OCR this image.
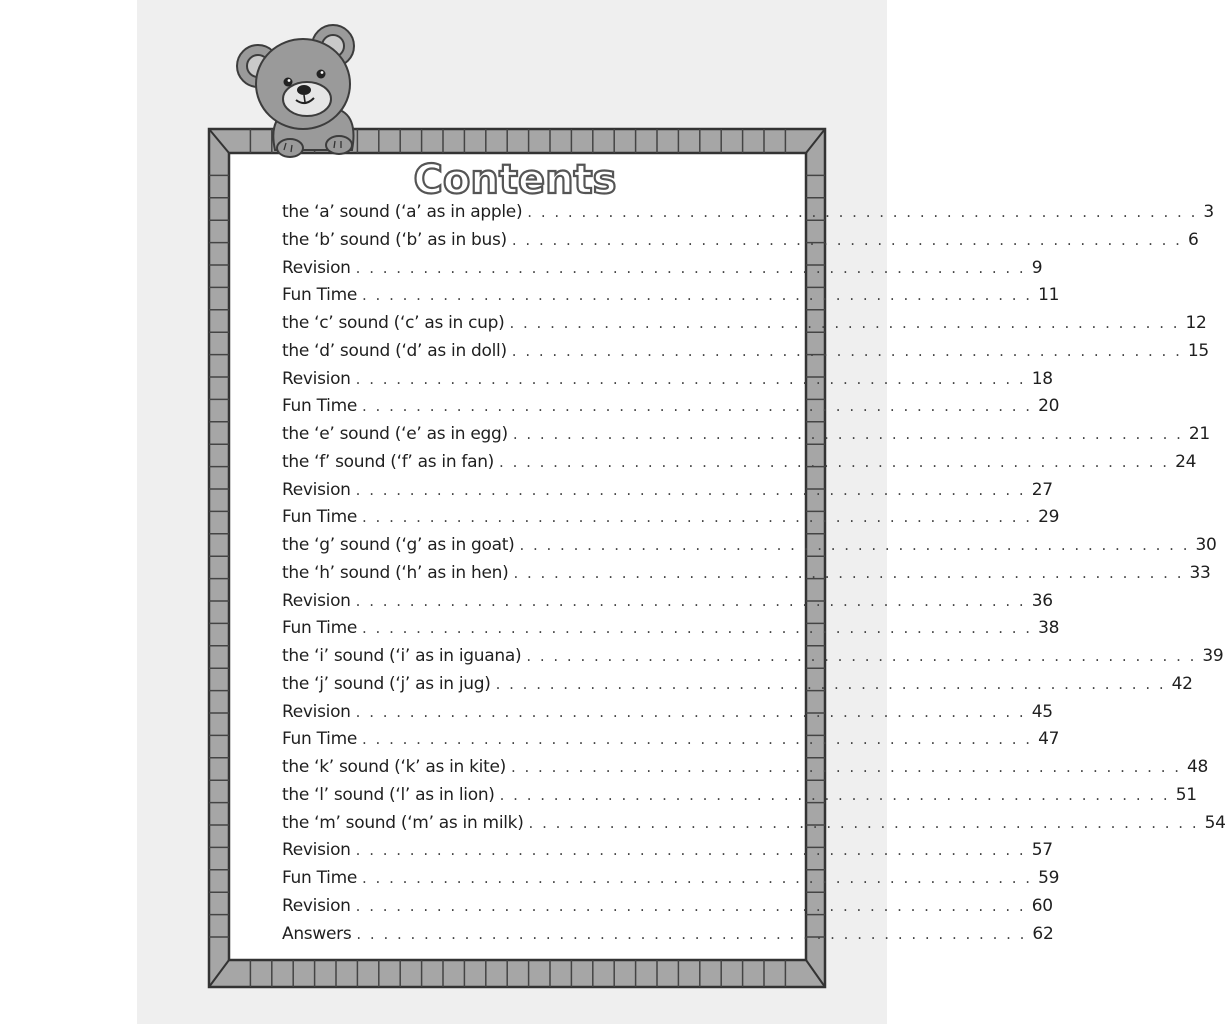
Contents
the ‘a’ sound (‘a’ as in apple) . . . . . . . . . . . . . . . . . . . . . . . . . . . . . . . . . . . . . . . . . . . . . . . . . . 3
the ‘b’ sound (‘b’ as in bus) . . . . . . . . . . . . . . . . . . . . . . . . . . . . . . . . . . . . . . . . . . . . . . . . . . 6
Revision . . . . . . . . . . . . . . . . . . . . . . . . . . . . . . . . . . . . . . . . . . . . . . . . . . 9
Fun Time . . . . . . . . . . . . . . . . . . . . . . . . . . . . . . . . . . . . . . . . . . . . . . . . . . 11
the ‘c’ sound (‘c’ as in cup) . . . . . . . . . . . . . . . . . . . . . . . . . . . . . . . . . . . . . . . . . . . . . . . . . . 12
the ‘d’ sound (‘d’ as in doll) . . . . . . . . . . . . . . . . . . . . . . . . . . . . . . . . . . . . . . . . . . . . . . . . . . 15
Revision . . . . . . . . . . . . . . . . . . . . . . . . . . . . . . . . . . . . . . . . . . . . . . . . . . 18
Fun Time . . . . . . . . . . . . . . . . . . . . . . . . . . . . . . . . . . . . . . . . . . . . . . . . . . 20
the ‘e’ sound (‘e’ as in egg) . . . . . . . . . . . . . . . . . . . . . . . . . . . . . . . . . . . . . . . . . . . . . . . . . . 21
the ‘f’ sound (‘f’ as in fan) . . . . . . . . . . . . . . . . . . . . . . . . . . . . . . . . . . . . . . . . . . . . . . . . . . 24
Revision . . . . . . . . . . . . . . . . . . . . . . . . . . . . . . . . . . . . . . . . . . . . . . . . . . 27
Fun Time . . . . . . . . . . . . . . . . . . . . . . . . . . . . . . . . . . . . . . . . . . . . . . . . . . 29
the ‘g’ sound (‘g’ as in goat) . . . . . . . . . . . . . . . . . . . . . . . . . . . . . . . . . . . . . . . . . . . . . . . . . . 30
the ‘h’ sound (‘h’ as in hen) . . . . . . . . . . . . . . . . . . . . . . . . . . . . . . . . . . . . . . . . . . . . . . . . . . 33
Revision . . . . . . . . . . . . . . . . . . . . . . . . . . . . . . . . . . . . . . . . . . . . . . . . . . 36
Fun Time . . . . . . . . . . . . . . . . . . . . . . . . . . . . . . . . . . . . . . . . . . . . . . . . . . 38
the ‘i’ sound (‘i’ as in iguana) . . . . . . . . . . . . . . . . . . . . . . . . . . . . . . . . . . . . . . . . . . . . . . . . . . 39
the ‘j’ sound (‘j’ as in jug) . . . . . . . . . . . . . . . . . . . . . . . . . . . . . . . . . . . . . . . . . . . . . . . . . . 42
Revision . . . . . . . . . . . . . . . . . . . . . . . . . . . . . . . . . . . . . . . . . . . . . . . . . . 45
Fun Time . . . . . . . . . . . . . . . . . . . . . . . . . . . . . . . . . . . . . . . . . . . . . . . . . . 47
the ‘k’ sound (‘k’ as in kite) . . . . . . . . . . . . . . . . . . . . . . . . . . . . . . . . . . . . . . . . . . . . . . . . . . 48
the ‘l’ sound (‘l’ as in lion) . . . . . . . . . . . . . . . . . . . . . . . . . . . . . . . . . . . . . . . . . . . . . . . . . . 51
the ‘m’ sound (‘m’ as in milk) . . . . . . . . . . . . . . . . . . . . . . . . . . . . . . . . . . . . . . . . . . . . . . . . . . 54
Revision . . . . . . . . . . . . . . . . . . . . . . . . . . . . . . . . . . . . . . . . . . . . . . . . . . 57
Fun Time . . . . . . . . . . . . . . . . . . . . . . . . . . . . . . . . . . . . . . . . . . . . . . . . . . 59
Revision . . . . . . . . . . . . . . . . . . . . . . . . . . . . . . . . . . . . . . . . . . . . . . . . . . 60
Answers . . . . . . . . . . . . . . . . . . . . . . . . . . . . . . . . . . . . . . . . . . . . . . . . . . 62
